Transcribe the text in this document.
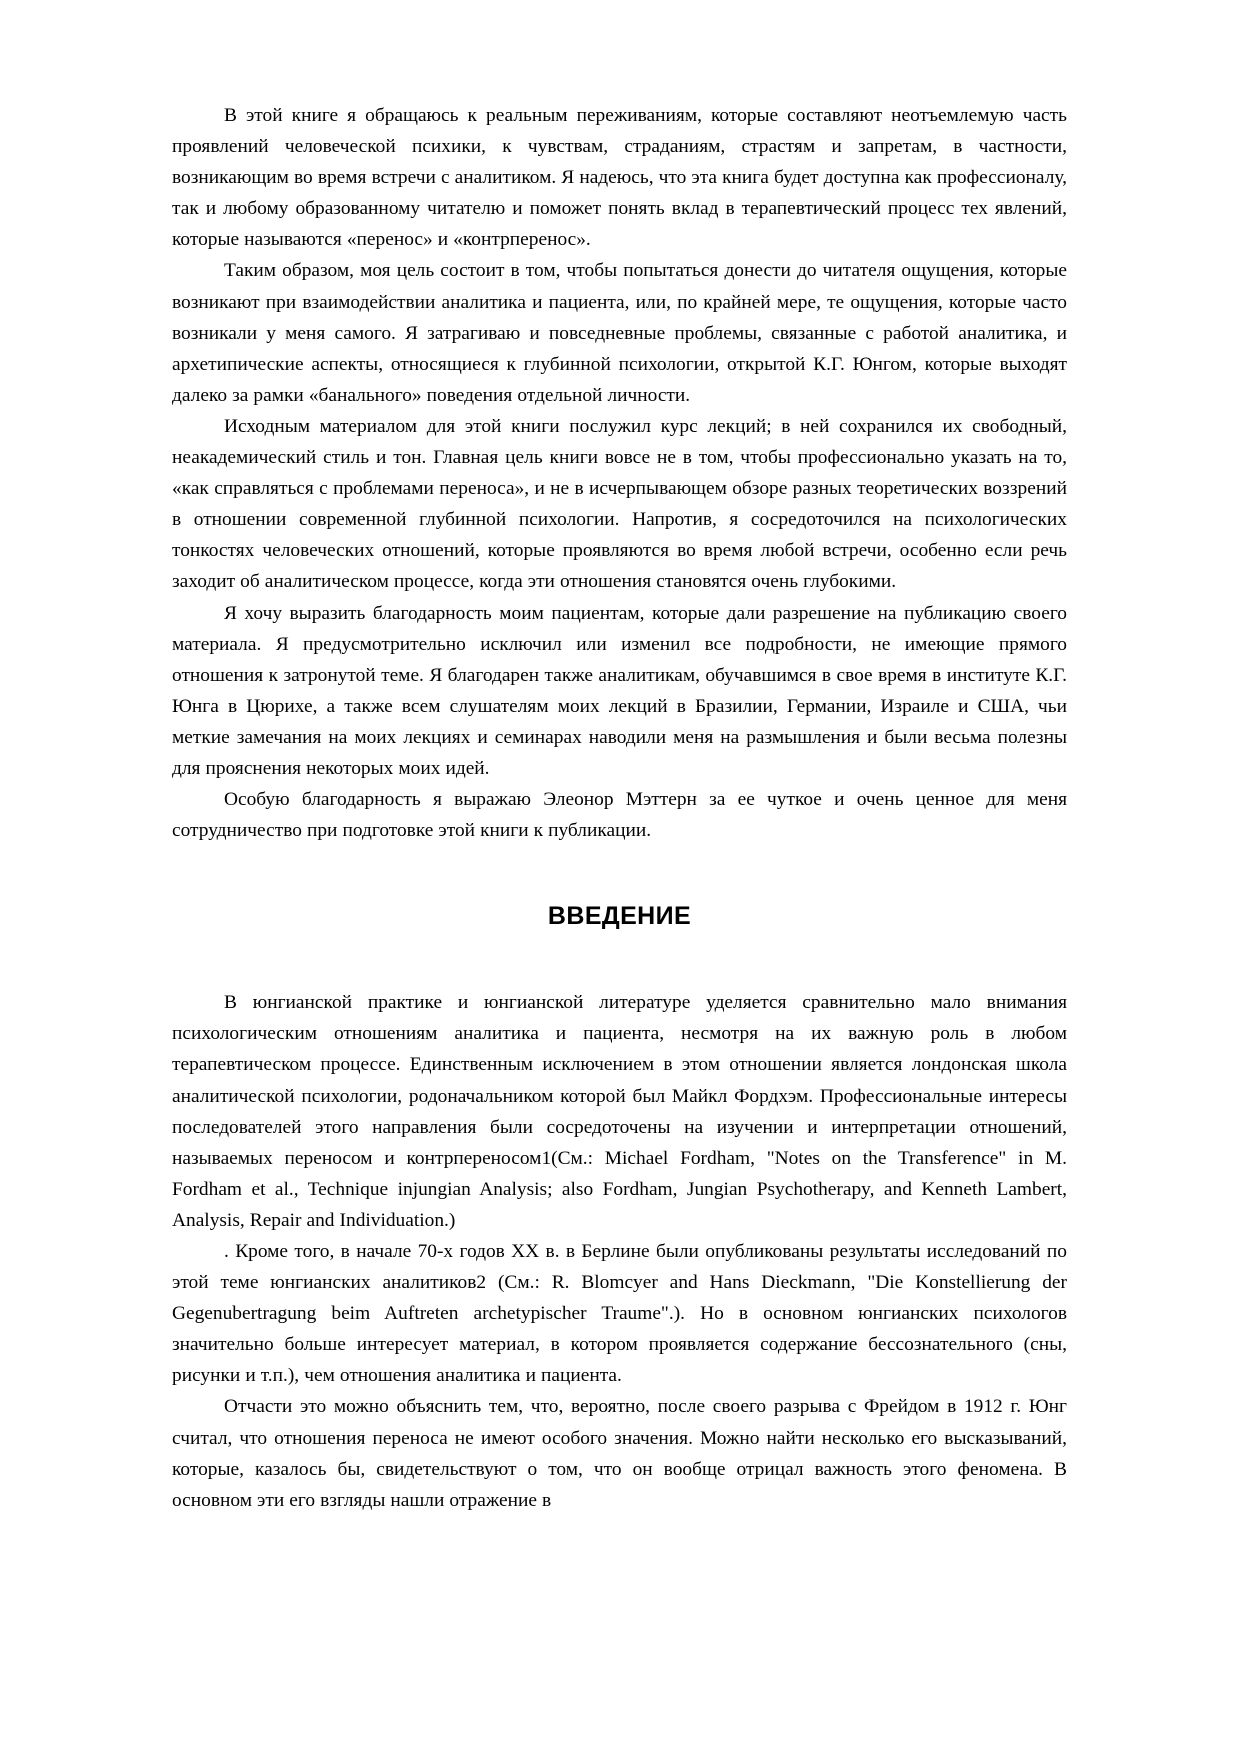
В этой книге я обращаюсь к реальным переживаниям, которые составляют неотъемлемую часть проявлений человеческой психики, к чувствам, страданиям, страстям и запретам, в частности, возникающим во время встречи с аналитиком. Я надеюсь, что эта книга будет доступна как профессионалу, так и любому образованному читателю и поможет понять вклад в терапевтический процесс тех явлений, которые называются «перенос» и «контрперенос».

Таким образом, моя цель состоит в том, чтобы попытаться донести до читателя ощущения, которые возникают при взаимодействии аналитика и пациента, или, по крайней мере, те ощущения, которые часто возникали у меня самого. Я затрагиваю и повседневные проблемы, связанные с работой аналитика, и архетипические аспекты, относящиеся к глубинной психологии, открытой К.Г. Юнгом, которые выходят далеко за рамки «банального» поведения отдельной личности.

Исходным материалом для этой книги послужил курс лекций; в ней сохранился их свободный, неакадемический стиль и тон. Главная цель книги вовсе не в том, чтобы профессионально указать на то, «как справляться с проблемами переноса», и не в исчерпывающем обзоре разных теоретических воззрений в отношении современной глубинной психологии. Напротив, я сосредоточился на психологических тонкостях человеческих отношений, которые проявляются во время любой встречи, особенно если речь заходит об аналитическом процессе, когда эти отношения становятся очень глубокими.

Я хочу выразить благодарность моим пациентам, которые дали разрешение на публикацию своего материала. Я предусмотрительно исключил или изменил все подробности, не имеющие прямого отношения к затронутой теме. Я благодарен также аналитикам, обучавшимся в свое время в институте К.Г. Юнга в Цюрихе, а также всем слушателям моих лекций в Бразилии, Германии, Израиле и США, чьи меткие замечания на моих лекциях и семинарах наводили меня на размышления и были весьма полезны для прояснения некоторых моих идей.

Особую благодарность я выражаю Элеонор Мэттерн за ее чуткое и очень ценное для меня сотрудничество при подготовке этой книги к публикации.

ВВЕДЕНИЕ

В юнгианской практике и юнгианской литературе уделяется сравнительно мало внимания психологическим отношениям аналитика и пациента, несмотря на их важную роль в любом терапевтическом процессе. Единственным исключением в этом отношении является лондонская школа аналитической психологии, родоначальником которой был Майкл Фордхэм. Профессиональные интересы последователей этого направления были сосредоточены на изучении и интерпретации отношений, называемых переносом и контрпереносом1(См.: Michael Fordham, "Notes on the Transference" in M. Fordham et al., Technique injungian Analysis; also Fordham, Jungian Psychotherapy, and Kenneth Lambert, Analysis, Repair and Individuation.)

. Кроме того, в начале 70-х годов XX в. в Берлине были опубликованы результаты исследований по этой теме юнгианских аналитиков2 (См.: R. Blomcyer and Hans Dieckmann, "Die Konstellierung der Gegenubertragung beim Auftreten archetypischer Traume".). Но в основном юнгианских психологов значительно больше интересует материал, в котором проявляется содержание бессознательного (сны, рисунки и т.п.), чем отношения аналитика и пациента.

Отчасти это можно объяснить тем, что, вероятно, после своего разрыва с Фрейдом в 1912 г. Юнг считал, что отношения переноса не имеют особого значения. Можно найти несколько его высказываний, которые, казалось бы, свидетельствуют о том, что он вообще отрицал важность этого феномена. В основном эти его взгляды нашли отражение в
